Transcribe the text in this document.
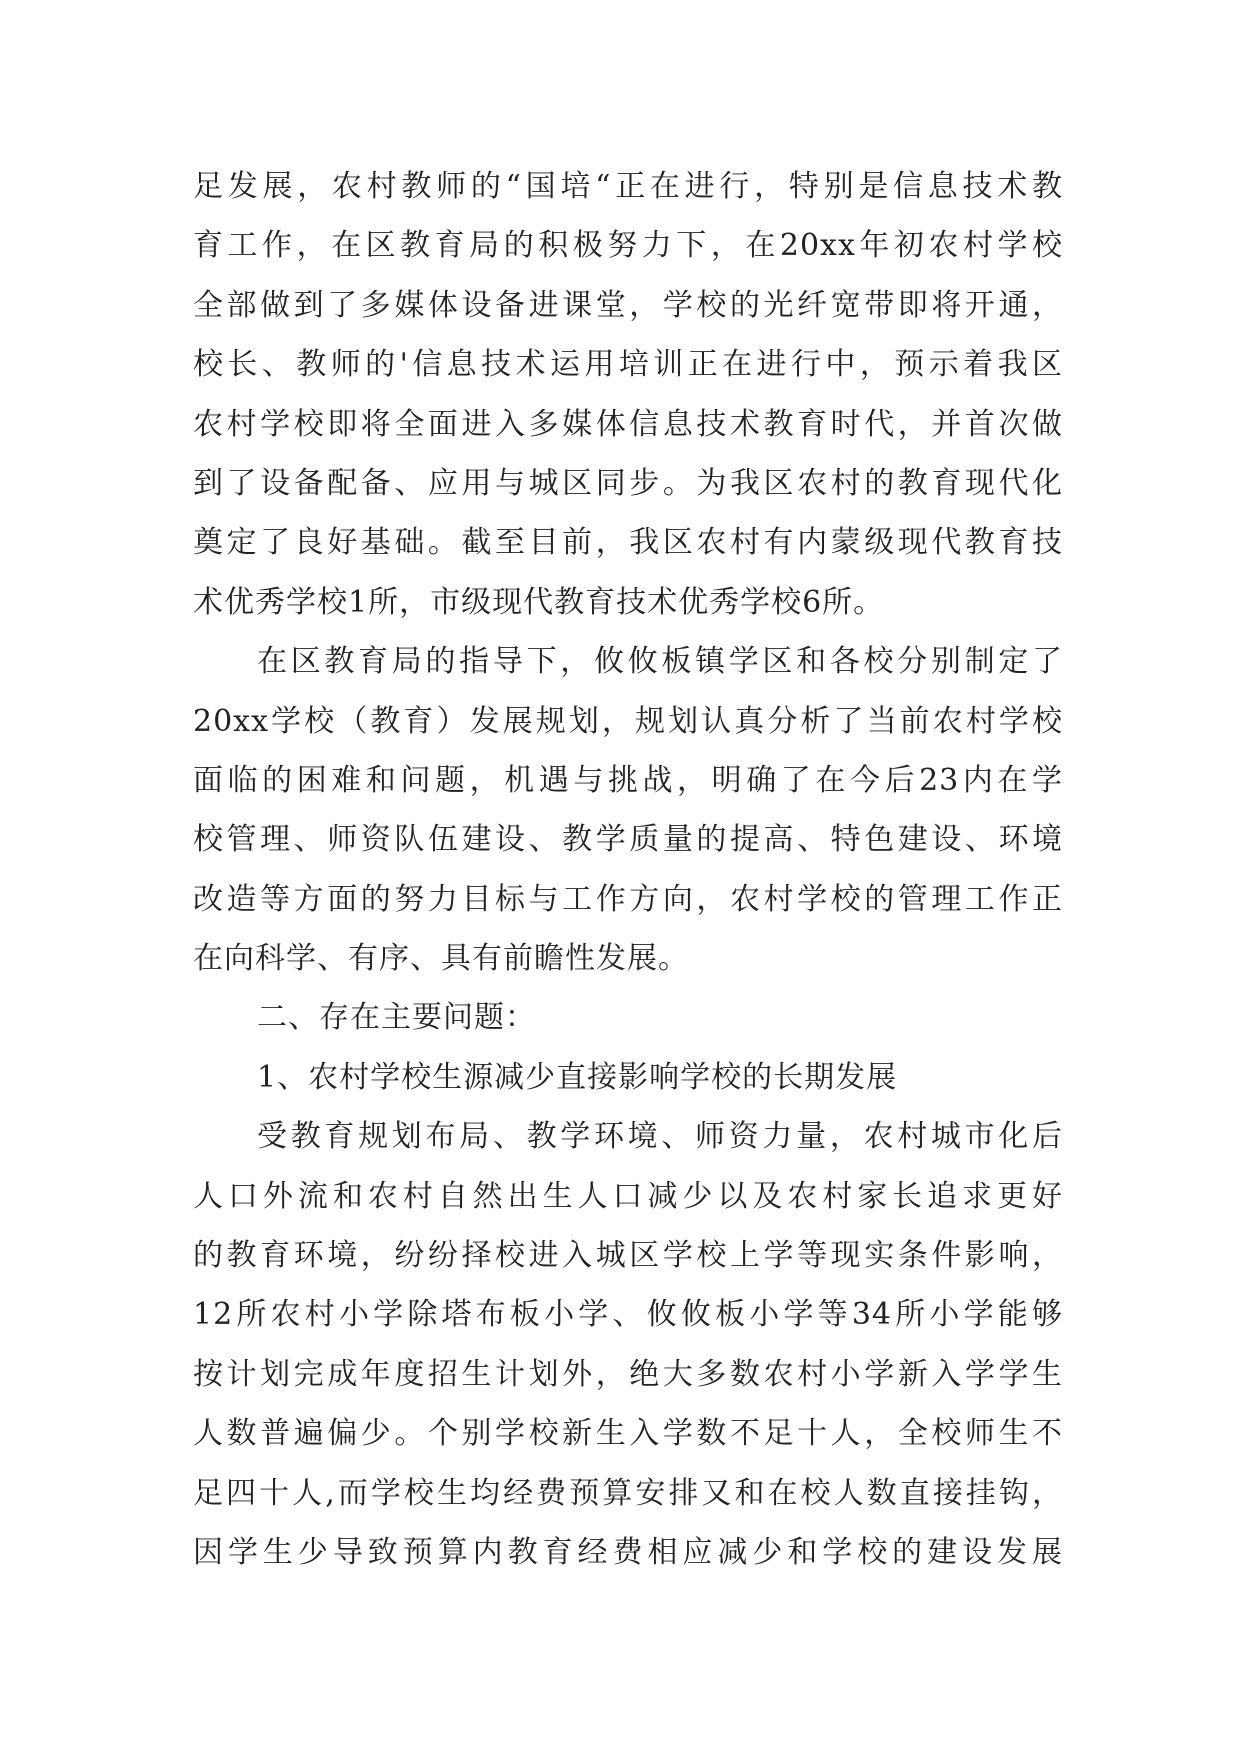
足发展，农村教师的“国培“正在进行，特别是信息技术教
育工作，在区教育局的积极努力下，在20xx年初农村学校
全部做到了多媒体设备进课堂，学校的光纤宽带即将开通，
校长、教师的'信息技术运用培训正在进行中，预示着我区
农村学校即将全面进入多媒体信息技术教育时代，并首次做
到了设备配备、应用与城区同步。为我区农村的教育现代化
奠定了良好基础。截至目前，我区农村有内蒙级现代教育技
术优秀学校1所，市级现代教育技术优秀学校6所。
在区教育局的指导下，攸攸板镇学区和各校分别制定了
20xx学校（教育）发展规划，规划认真分析了当前农村学校
面临的困难和问题，机遇与挑战，明确了在今后23内在学
校管理、师资队伍建设、教学质量的提高、特色建设、环境
改造等方面的努力目标与工作方向，农村学校的管理工作正
在向科学、有序、具有前瞻性发展。
二、存在主要问题：
1、农村学校生源减少直接影响学校的长期发展
受教育规划布局、教学环境、师资力量，农村城市化后
人口外流和农村自然出生人口减少以及农村家长追求更好
的教育环境，纷纷择校进入城区学校上学等现实条件影响，
12所农村小学除塔布板小学、攸攸板小学等34所小学能够
按计划完成年度招生计划外，绝大多数农村小学新入学学生
人数普遍偏少。个别学校新生入学数不足十人，全校师生不
足四十人,而学校生均经费预算安排又和在校人数直接挂钩，
因学生少导致预算内教育经费相应减少和学校的建设发展
